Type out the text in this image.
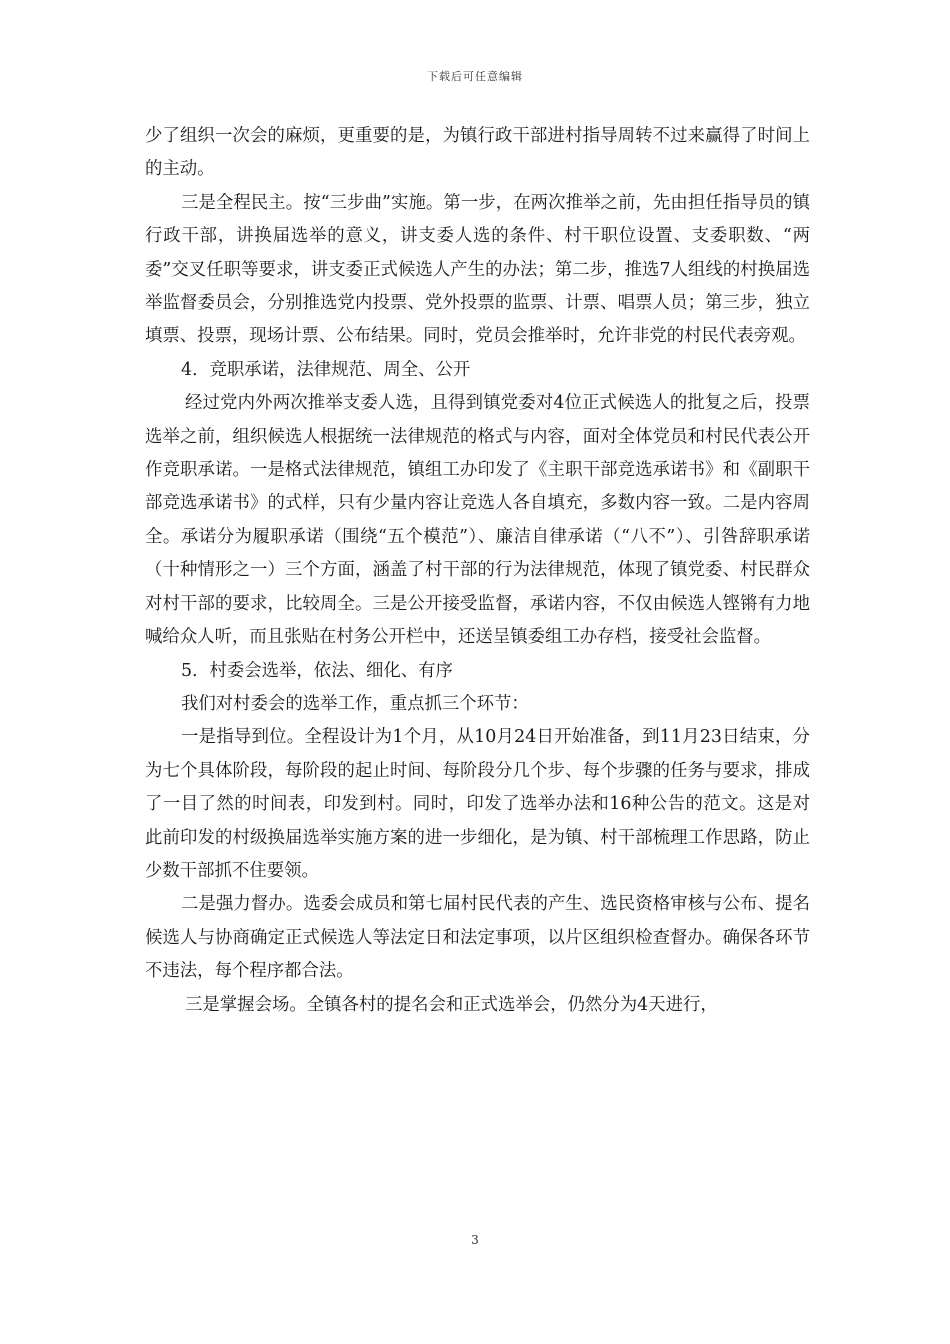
下载后可任意编辑

少了组织一次会的麻烦，更重要的是，为镇行政干部进村指导周转不过来赢得了时间上的主动。

三是全程民主。按“三步曲”实施。第一步，在两次推举之前，先由担任指导员的镇行政干部，讲换届选举的意义，讲支委人选的条件、村干职位设置、支委职数、“两委”交叉任职等要求，讲支委正式候选人产生的办法；第二步，推选7人组线的村换届选举监督委员会，分别推选党内投票、党外投票的监票、计票、唱票人员；第三步，独立填票、投票，现场计票、公布结果。同时，党员会推举时，允许非党的村民代表旁观。

4．竞职承诺，法律规范、周全、公开

经过党内外两次推举支委人选，且得到镇党委对4位正式候选人的批复之后，投票选举之前，组织候选人根据统一法律规范的格式与内容，面对全体党员和村民代表公开作竞职承诺。一是格式法律规范，镇组工办印发了《主职干部竞选承诺书》和《副职干部竞选承诺书》的式样，只有少量内容让竞选人各自填充，多数内容一致。二是内容周全。承诺分为履职承诺（围绕“五个模范”）、廉洁自律承诺（“八不”）、引咎辞职承诺（十种情形之一）三个方面，涵盖了村干部的行为法律规范，体现了镇党委、村民群众对村干部的要求，比较周全。三是公开接受监督，承诺内容，不仅由候选人铿锵有力地喊给众人听，而且张贴在村务公开栏中，还送呈镇委组工办存档，接受社会监督。

5．村委会选举，依法、细化、有序

我们对村委会的选举工作，重点抓三个环节：

一是指导到位。全程设计为1个月，从10月24日开始准备，到11月23日结束，分为七个具体阶段，每阶段的起止时间、每阶段分几个步、每个步骤的任务与要求，排成了一目了然的时间表，印发到村。同时，印发了选举办法和16种公告的范文。这是对此前印发的村级换届选举实施方案的进一步细化，是为镇、村干部梳理工作思路，防止少数干部抓不住要领。

二是强力督办。选委会成员和第七届村民代表的产生、选民资格审核与公布、提名候选人与协商确定正式候选人等法定日和法定事项，以片区组织检查督办。确保各环节不违法，每个程序都合法。

三是掌握会场。全镇各村的提名会和正式选举会，仍然分为4天进行，

3
